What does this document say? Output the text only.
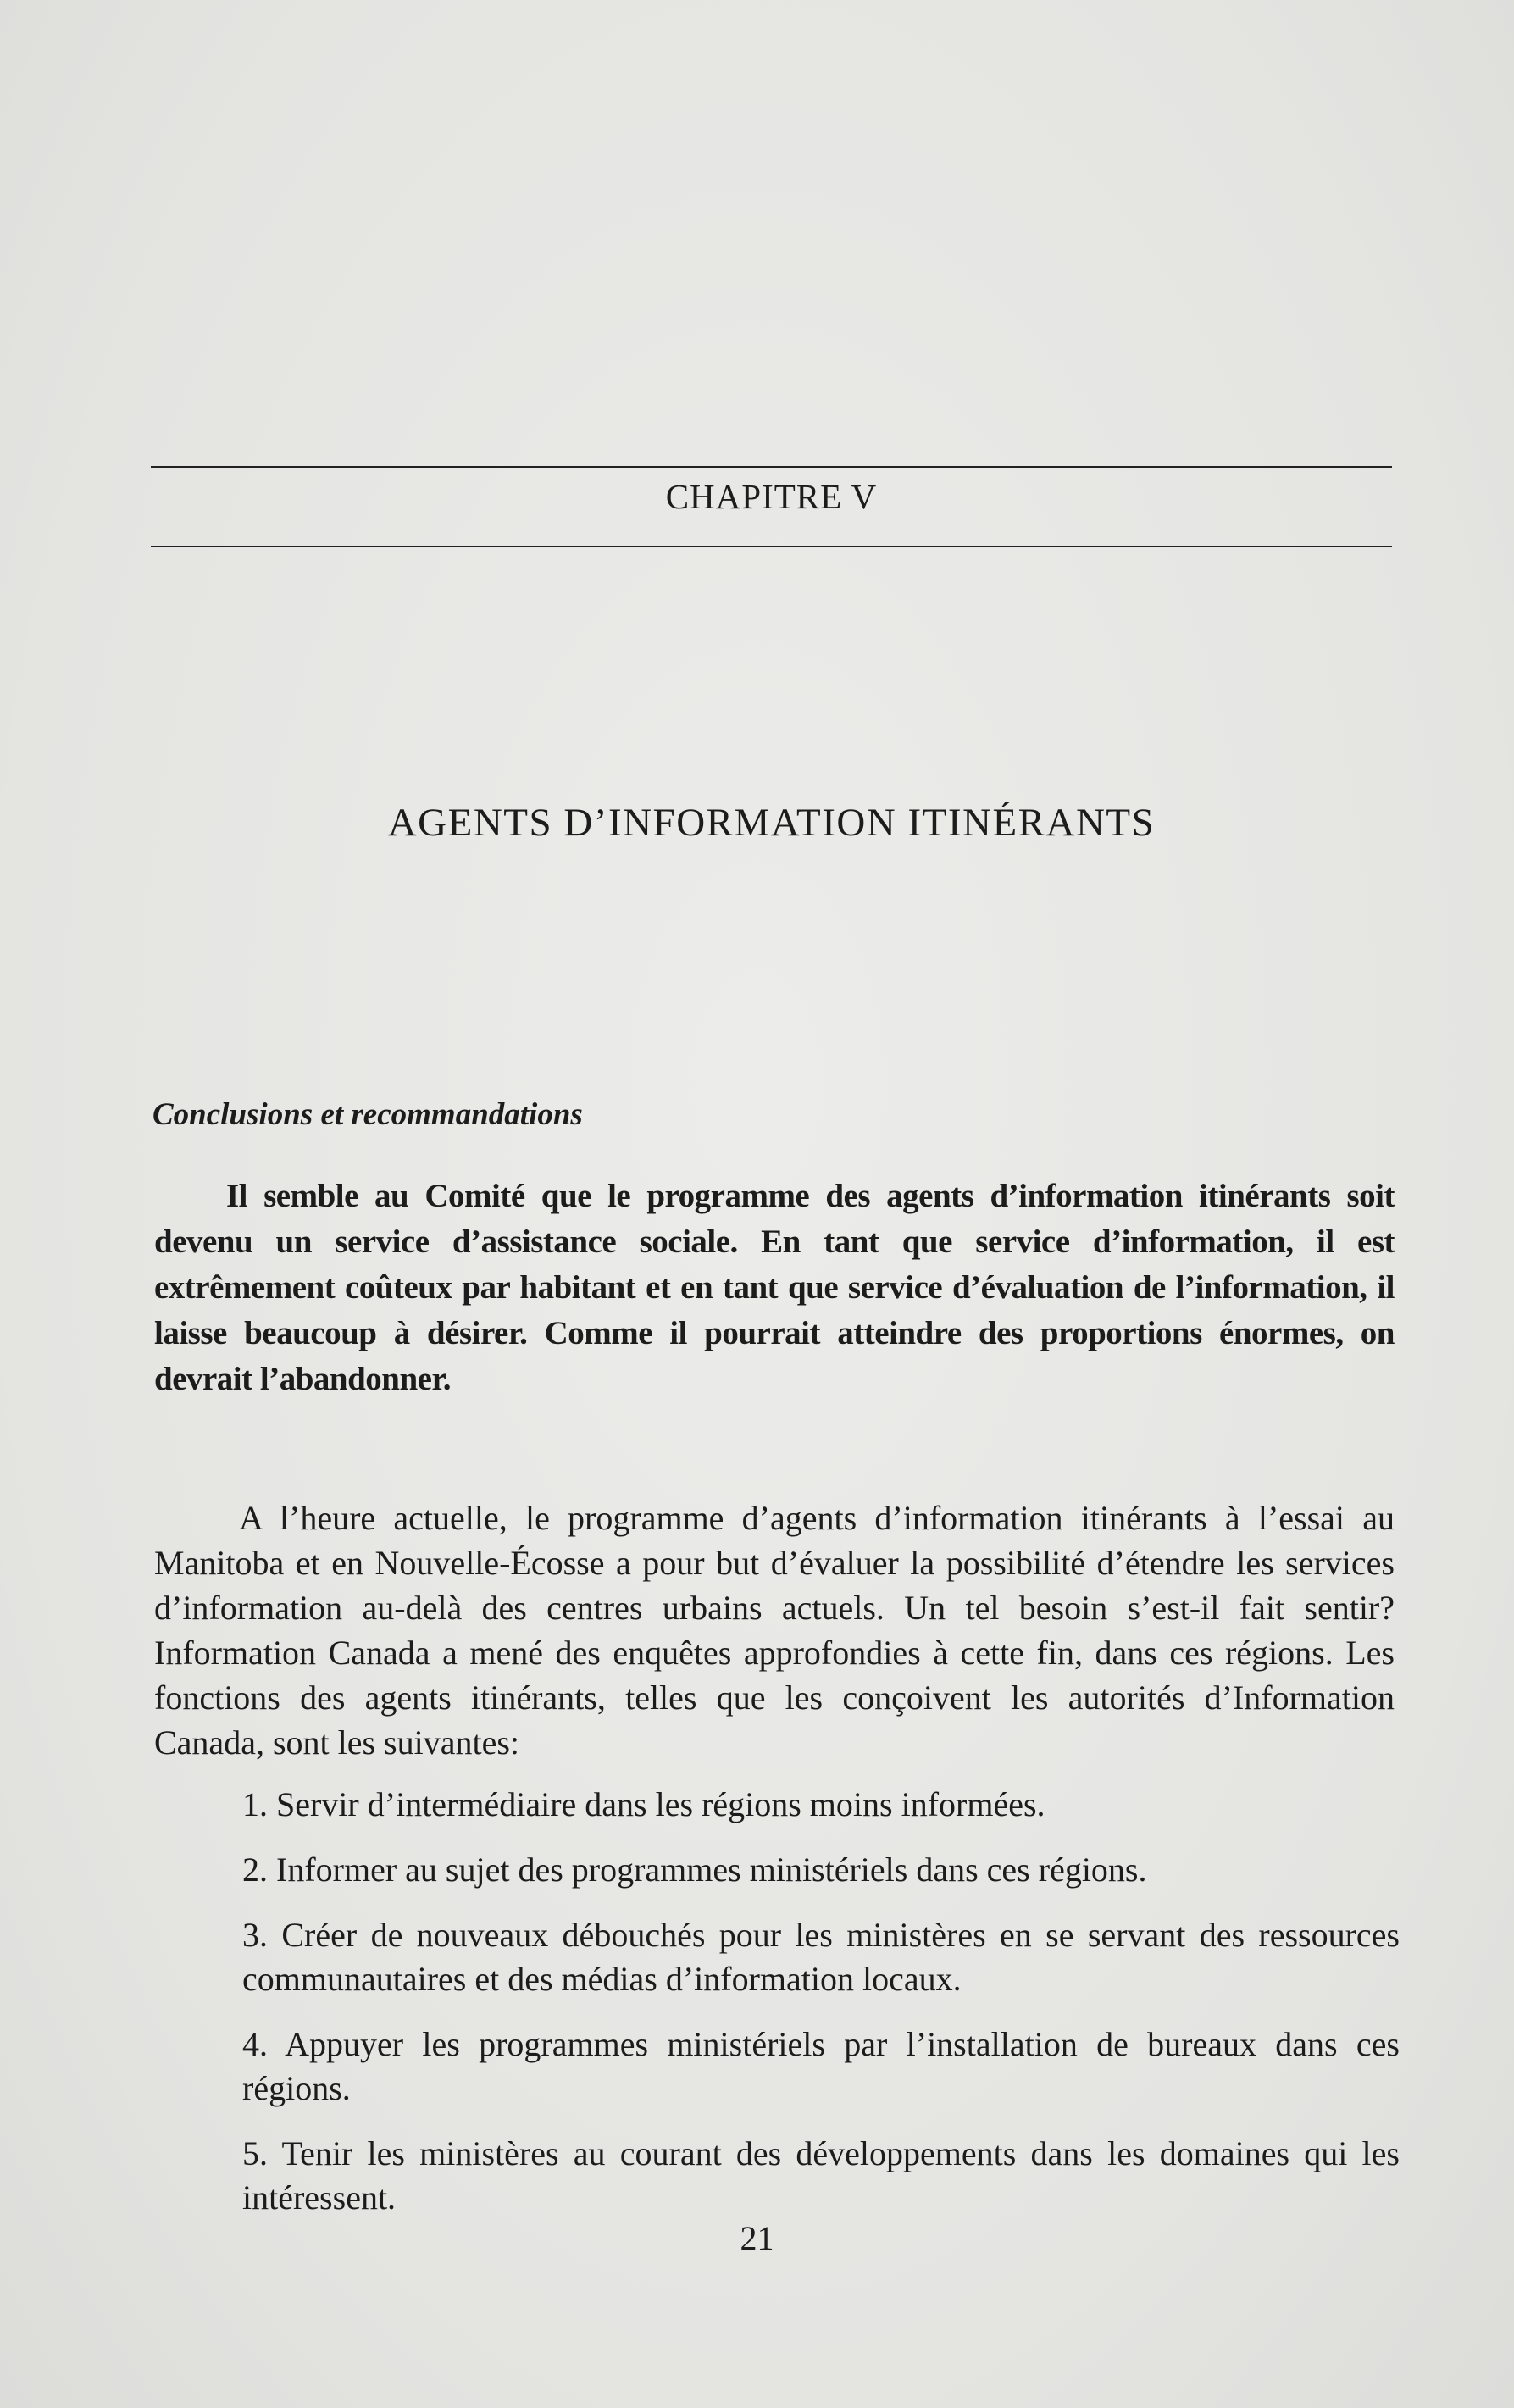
CHAPITRE V
AGENTS D’INFORMATION ITINÉRANTS
Conclusions et recommandations

Il semble au Comité que le programme des agents d’information itinérants soit devenu un service d’assistance sociale. En tant que service d’information, il est extrêmement coûteux par habitant et en tant que service d’évaluation de l’information, il laisse beaucoup à désirer. Comme il pourrait atteindre des proportions énormes, on devrait l’abandonner.

A l’heure actuelle, le programme d’agents d’information itinérants à l’essai au Manitoba et en Nouvelle-Écosse a pour but d’évaluer la possibilité d’étendre les services d’information au-delà des centres urbains actuels. Un tel besoin s’est-il fait sentir? Information Canada a mené des enquêtes approfondies à cette fin, dans ces régions. Les fonctions des agents itinérants, telles que les conçoivent les autorités d’Information Canada, sont les suivantes:

1. Servir d’intermédiaire dans les régions moins informées.
2. Informer au sujet des programmes ministériels dans ces régions.
3. Créer de nouveaux débouchés pour les ministères en se servant des ressources communautaires et des médias d’information locaux.
4. Appuyer les programmes ministériels par l’installation de bureaux dans ces régions.
5. Tenir les ministères au courant des développements dans les domaines qui les intéressent.
21
